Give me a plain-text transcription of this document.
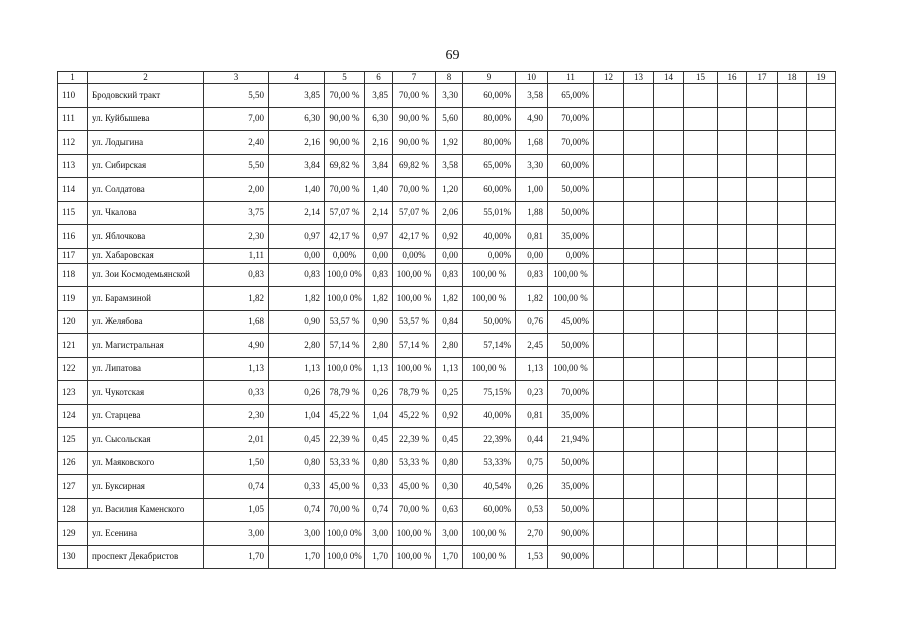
69
1	2	3	4	5	6	7	8	9	10	11	12	13	14	15	16	17	18	19
110	Бродовский тракт	5,50	3,85	70,00 %	3,85	70,00 %	3,30	60,00%	3,58	65,00%								
111	ул. Куйбышева	7,00	6,30	90,00 %	6,30	90,00 %	5,60	80,00%	4,90	70,00%								
112	ул. Лодыгина	2,40	2,16	90,00 %	2,16	90,00 %	1,92	80,00%	1,68	70,00%								
113	ул. Сибирская	5,50	3,84	69,82 %	3,84	69,82 %	3,58	65,00%	3,30	60,00%								
114	ул. Солдатова	2,00	1,40	70,00 %	1,40	70,00 %	1,20	60,00%	1,00	50,00%								
115	ул. Чкалова	3,75	2,14	57,07 %	2,14	57,07 %	2,06	55,01%	1,88	50,00%								
116	ул. Яблочкова	2,30	0,97	42,17 %	0,97	42,17 %	0,92	40,00%	0,81	35,00%								
117	ул. Хабаровская	1,11	0,00	0,00%	0,00	0,00%	0,00	0,00%	0,00	0,00%								
118	ул. Зои Космодемьянской	0,83	0,83	100,0 0%	0,83	100,00 %	0,83	100,00 %	0,83	100,00 %								
119	ул. Барамзиной	1,82	1,82	100,0 0%	1,82	100,00 %	1,82	100,00 %	1,82	100,00 %								
120	ул. Желябова	1,68	0,90	53,57 %	0,90	53,57 %	0,84	50,00%	0,76	45,00%								
121	ул. Магистральная	4,90	2,80	57,14 %	2,80	57,14 %	2,80	57,14%	2,45	50,00%								
122	ул. Липатова	1,13	1,13	100,0 0%	1,13	100,00 %	1,13	100,00 %	1,13	100,00 %								
123	ул. Чукотская	0,33	0,26	78,79 %	0,26	78,79 %	0,25	75,15%	0,23	70,00%								
124	ул. Старцева	2,30	1,04	45,22 %	1,04	45,22 %	0,92	40,00%	0,81	35,00%								
125	ул. Сысольская	2,01	0,45	22,39 %	0,45	22,39 %	0,45	22,39%	0,44	21,94%								
126	ул. Маяковского	1,50	0,80	53,33 %	0,80	53,33 %	0,80	53,33%	0,75	50,00%								
127	ул. Буксирная	0,74	0,33	45,00 %	0,33	45,00 %	0,30	40,54%	0,26	35,00%								
128	ул. Василия Каменского	1,05	0,74	70,00 %	0,74	70,00 %	0,63	60,00%	0,53	50,00%								
129	ул. Есенина	3,00	3,00	100,0 0%	3,00	100,00 %	3,00	100,00 %	2,70	90,00%								
130	проспект Декабристов	1,70	1,70	100,0 0%	1,70	100,00 %	1,70	100,00 %	1,53	90,00%								
